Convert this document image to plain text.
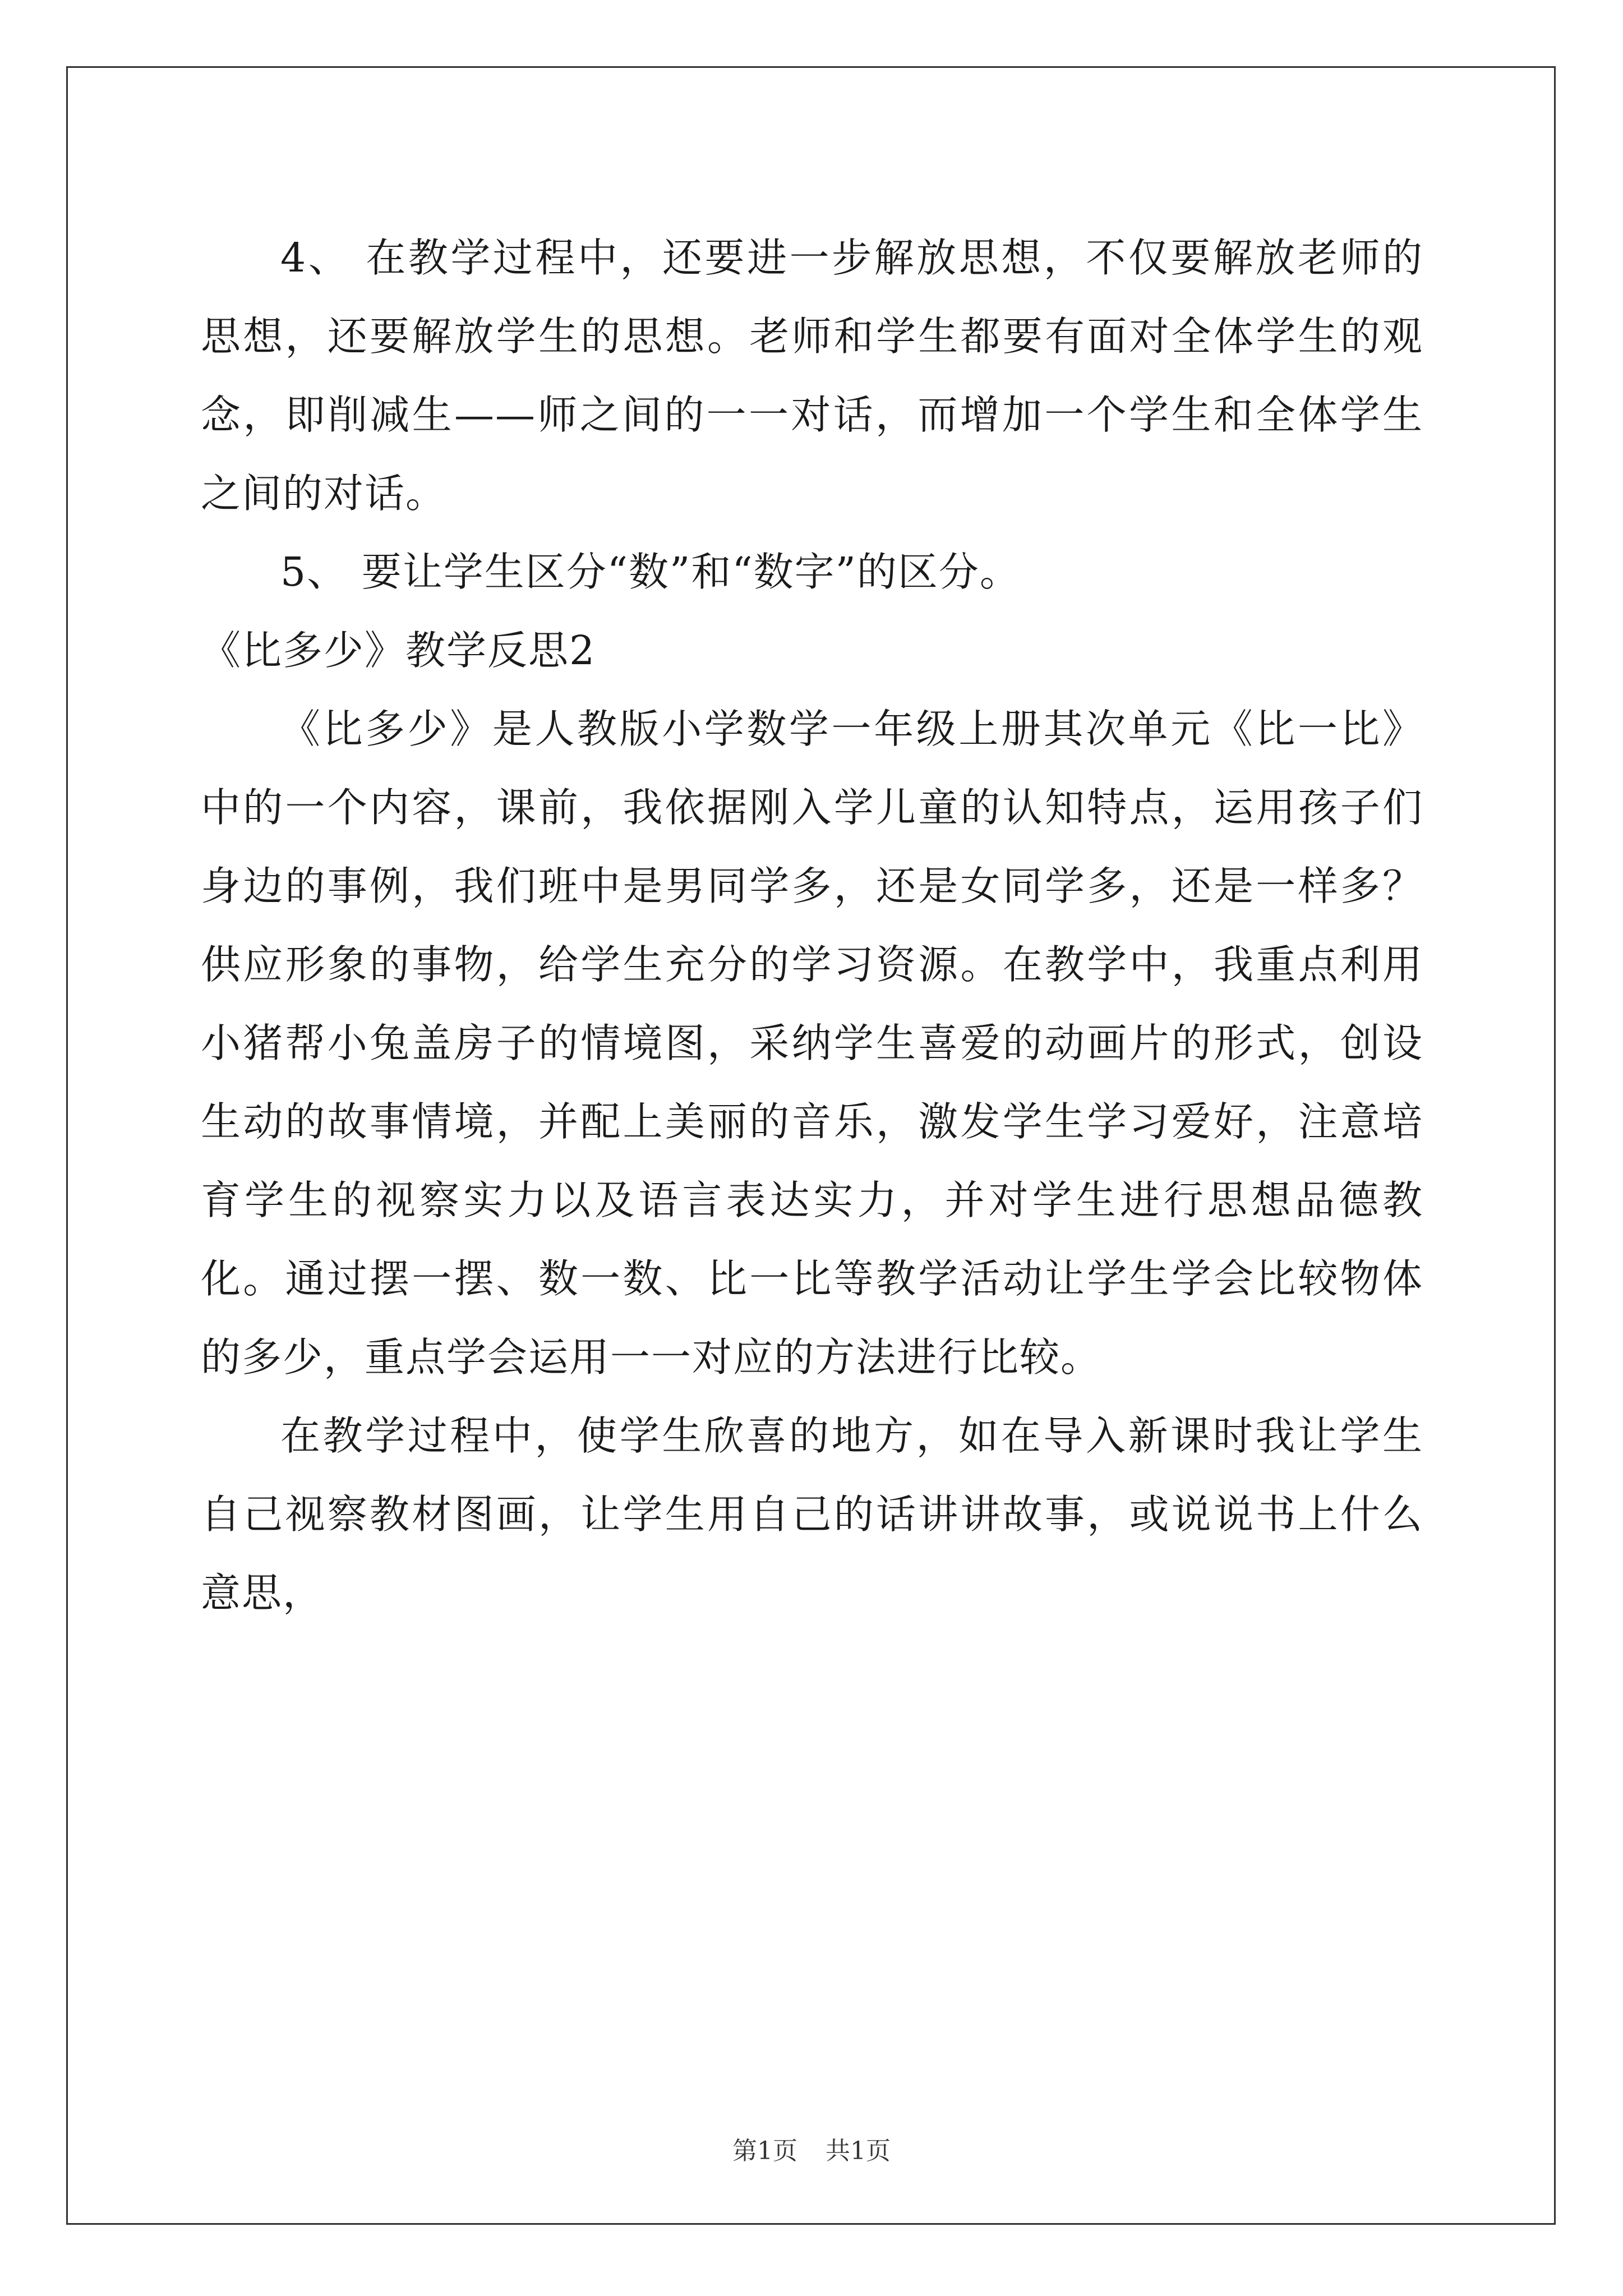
4、 在教学过程中，还要进一步解放思想，不仅要解放老师的思想，还要解放学生的思想。老师和学生都要有面对全体学生的观念，即削减生——师之间的一一对话，而增加一个学生和全体学生之间的对话。

5、 要让学生区分“数”和“数字”的区分。

《比多少》教学反思2

《比多少》是人教版小学数学一年级上册其次单元《比一比》中的一个内容，课前，我依据刚入学儿童的认知特点，运用孩子们身边的事例，我们班中是男同学多，还是女同学多，还是一样多？供应形象的事物，给学生充分的学习资源。在教学中，我重点利用小猪帮小兔盖房子的情境图，采纳学生喜爱的动画片的形式，创设生动的故事情境，并配上美丽的音乐，激发学生学习爱好，注意培育学生的视察实力以及语言表达实力，并对学生进行思想品德教化。通过摆一摆、数一数、比一比等教学活动让学生学会比较物体的多少，重点学会运用一一对应的方法进行比较。

在教学过程中，使学生欣喜的地方，如在导入新课时我让学生自己视察教材图画，让学生用自己的话讲讲故事，或说说书上什么意思，

第1页 共1页
